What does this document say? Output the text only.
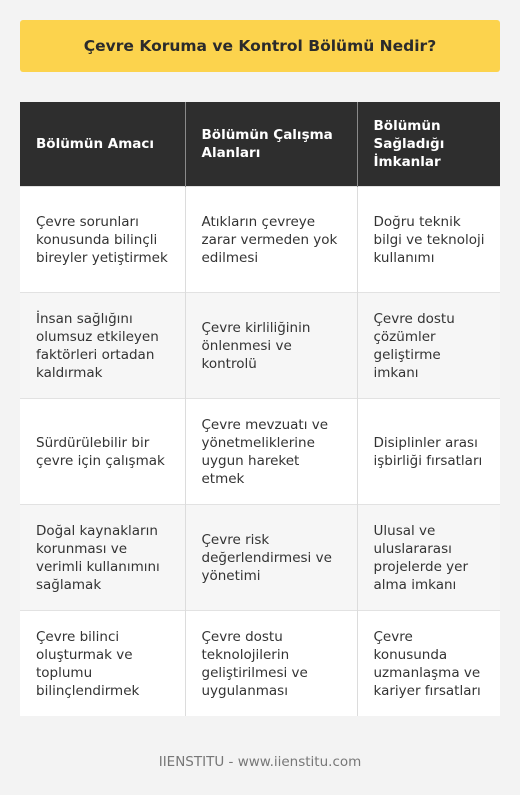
Çevre Koruma ve Kontrol Bölümü Nedir?
Bölümün Amacı	Bölümün Çalışma Alanları	Bölümün Sağladığı İmkanlar
Çevre sorunları konusunda bilinçli bireyler yetiştirmek	Atıkların çevreye zarar vermeden yok edilmesi	Doğru teknik bilgi ve teknoloji kullanımı
İnsan sağlığını olumsuz etkileyen faktörleri ortadan kaldırmak	Çevre kirliliğinin önlenmesi ve kontrolü	Çevre dostu çözümler geliştirme imkanı
Sürdürülebilir bir çevre için çalışmak	Çevre mevzuatı ve yönetmeliklerine uygun hareket etmek	Disiplinler arası işbirliği fırsatları
Doğal kaynakların korunması ve verimli kullanımını sağlamak	Çevre risk değerlendirmesi ve yönetimi	Ulusal ve uluslararası projelerde yer alma imkanı
Çevre bilinci oluşturmak ve toplumu bilinçlendirmek	Çevre dostu teknolojilerin geliştirilmesi ve uygulanması	Çevre konusunda uzmanlaşma ve kariyer fırsatları
IIENSTITU - www.iienstitu.com
